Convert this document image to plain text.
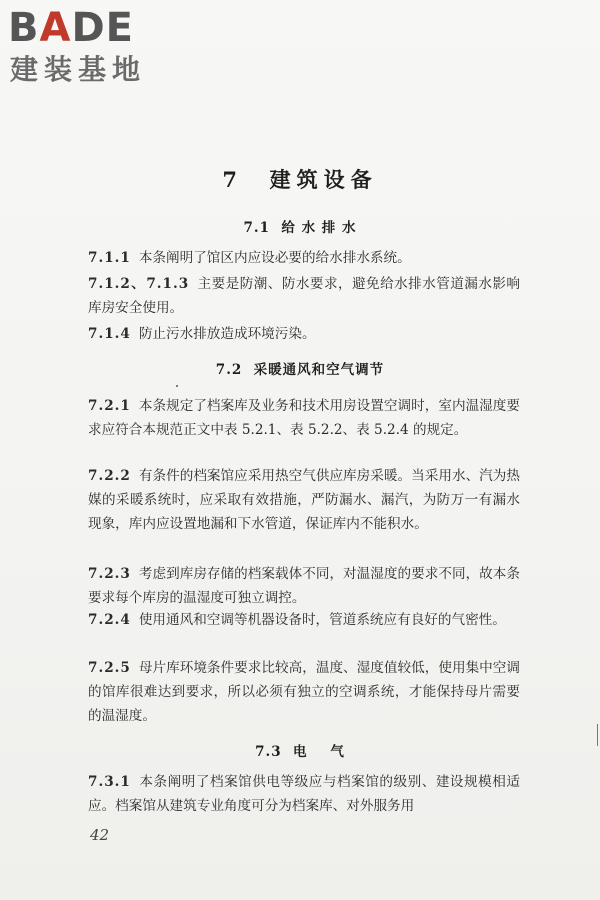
BADE
建装基地
7  建筑设备
7.1  给 水 排 水
7.1.1 本条阐明了馆区内应设必要的给水排水系统。
7.1.2、7.1.3 主要是防潮、防水要求，避免给水排水管道漏水影响库房安全使用。
7.1.4 防止污水排放造成环境污染。
7.2  采暖通风和空气调节
7.2.1 本条规定了档案库及业务和技术用房设置空调时，室内温湿度要求应符合本规范正文中表 5.2.1、表 5.2.2、表 5.2.4 的规定。
7.2.2 有条件的档案馆应采用热空气供应库房采暖。当采用水、汽为热媒的采暖系统时，应采取有效措施，严防漏水、漏汽，为防万一有漏水现象，库内应设置地漏和下水管道，保证库内不能积水。
7.2.3 考虑到库房存储的档案载体不同，对温湿度的要求不同，故本条要求每个库房的温湿度可独立调控。
7.2.4 使用通风和空调等机器设备时，管道系统应有良好的气密性。
7.2.5 母片库环境条件要求比较高，温度、湿度值较低，使用集中空调的馆库很难达到要求，所以必须有独立的空调系统，才能保持母片需要的温湿度。
7.3  电    气
7.3.1 本条阐明了档案馆供电等级应与档案馆的级别、建设规模相适应。档案馆从建筑专业角度可分为档案库、对外服务用
42
